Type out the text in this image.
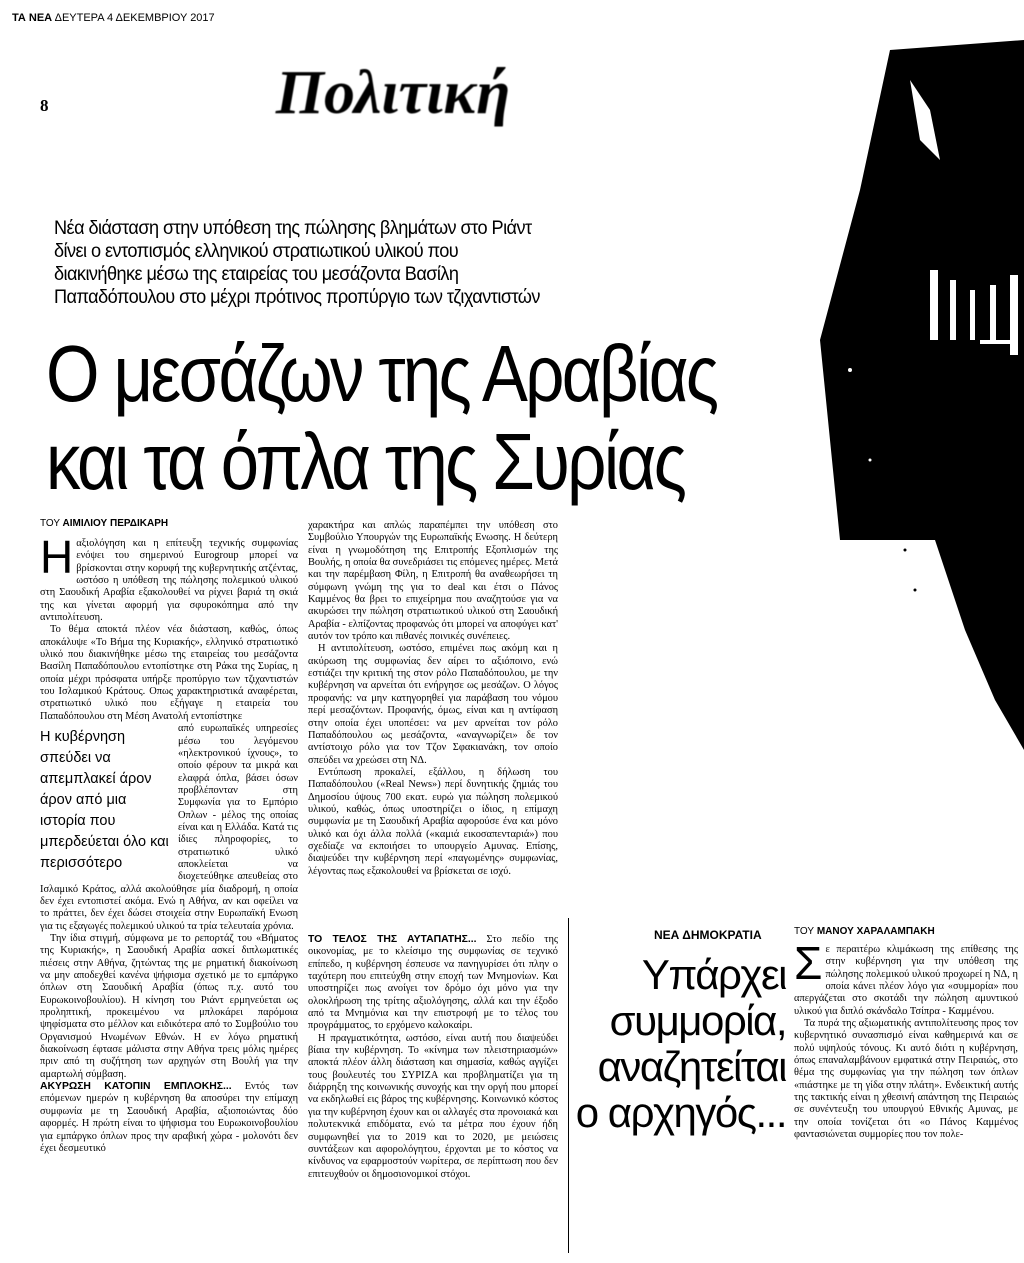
ΤΑ ΝΕΑ ΔΕΥΤΕΡΑ 4 ΔΕΚΕΜΒΡΙΟΥ 2017
8	Πολιτική
Νέα διάσταση στην υπόθεση της πώλησης βλημάτων στο Ριάντ
δίνει ο εντοπισμός ελληνικού στρατιωτικού υλικού που
διακινήθηκε μέσω της εταιρείας του μεσάζοντα Βασίλη
Παπαδόπουλου στο μέχρι πρότινος προπύργιο των τζιχαντιστών
Ο μεσάζων της Αραβίας
και τα όπλα της Συρίας
ΤΟΥ ΑΙΜΙΛΙΟΥ ΠΕΡΔΙΚΑΡΗ

Ηαξιολόγηση και η επίτευξη τεχνικής συμφωνίας ενόψει του σημερινού Eurogroup μπορεί να βρίσκονται στην κορυφή της κυβερνητικής ατζέντας, ωστόσο η υπόθεση της πώλησης πολεμικού υλικού στη Σαουδική Αραβία εξακολουθεί να ρίχνει βαριά τη σκιά της και γίνεται αφορμή για σφυροκόπημα από την αντιπολίτευση.

Το θέμα αποκτά πλέον νέα διάσταση, καθώς, όπως αποκάλυψε «Το Βήμα της Κυριακής», ελληνικό στρατιωτικό υλικό που διακινήθηκε μέσω της εταιρείας του μεσάζοντα Βασίλη Παπαδόπουλου εντοπίστηκε στη Ράκα της Συρίας, η οποία μέχρι πρόσφατα υπήρξε προπύργιο των τζιχαντιστών του Ισλαμικού Κράτους. Οπως χαρακτηριστικά αναφέρεται, στρατιωτικό υλικό που εξήγαγε η εταιρεία του Παπαδόπουλου στη Μέση Ανατολή εντοπίστηκε

Η κυβέρνηση σπεύδει να απεμπλακεί άρον άρον από μια ιστορία που μπερδεύεται όλο και περισσότερο

από ευρωπαϊκές υπηρεσίες μέσω του λεγόμενου «ηλεκτρονικού ίχνους», το οποίο φέρουν τα μικρά και ελαφρά όπλα, βάσει όσων προβλέπονταν στη Συμφωνία για το Εμπόριο Οπλων - μέλος της οποίας είναι και η Ελλάδα. Κατά τις ίδιες πληροφορίες, το στρατιωτικό υλικό αποκλείεται να διοχετεύθηκε απευθείας στο Ισλαμικό Κράτος, αλλά ακολούθησε μία διαδρομή, η οποία δεν έχει εντοπιστεί ακόμα. Ενώ η Αθήνα, αν και οφείλει να το πράττει, δεν έχει δώσει στοιχεία στην Ευρωπαϊκή Ενωση για τις εξαγωγές πολεμικού υλικού τα τρία τελευταία χρόνια.

Την ίδια στιγμή, σύμφωνα με το ρεπορτάζ του «Βήματος της Κυριακής», η Σαουδική Αραβία ασκεί διπλωματικές πιέσεις στην Αθήνα, ζητώντας της με ρηματική διακοίνωση να μην αποδεχθεί κανένα ψήφισμα σχετικό με το εμπάργκο όπλων στη Σαουδική Αραβία (όπως π.χ. αυτό του Ευρωκοινοβουλίου). Η κίνηση του Ριάντ ερμηνεύεται ως προληπτική, προκειμένου να μπλοκάρει παρόμοια ψηφίσματα στο μέλλον και ειδικότερα από το Συμβούλιο του Οργανισμού Ηνωμένων Εθνών. Η εν λόγω ρηματική διακοίνωση έφτασε μάλιστα στην Αθήνα τρεις μόλις ημέρες πριν από τη συζήτηση των αρχηγών στη Βουλή για την αμαρτωλή σύμβαση.

ΑΚΥΡΩΣΗ ΚΑΤΟΠΙΝ ΕΜΠΛΟΚΗΣ... Εντός των επόμενων ημερών η κυβέρνηση θα αποσύρει την επίμαχη συμφωνία με τη Σαουδική Αραβία, αξιοποιώντας δύο αφορμές. Η πρώτη είναι το ψήφισμα του Ευρωκοινοβουλίου για εμπάργκο όπλων προς την αραβική χώρα - μολονότι δεν έχει δεσμευτικό

χαρακτήρα και απλώς παραπέμπει την υπόθεση στο Συμβούλιο Υπουργών της Ευρωπαϊκής Ενωσης. Η δεύτερη είναι η γνωμοδότηση της Επιτροπής Εξοπλισμών της Βουλής, η οποία θα συνεδριάσει τις επόμενες ημέρες. Μετά και την παρέμβαση Φίλη, η Επιτροπή θα αναθεωρήσει τη σύμφωνη γνώμη της για το deal και έτσι ο Πάνος Καμμένος θα βρει το επιχείρημα που αναζητούσε για να ακυρώσει την πώληση στρατιωτικού υλικού στη Σαουδική Αραβία - ελπίζοντας προφανώς ότι μπορεί να αποφύγει κατ' αυτόν τον τρόπο και πιθανές ποινικές συνέπειες.

Η αντιπολίτευση, ωστόσο, επιμένει πως ακόμη και η ακύρωση της συμφωνίας δεν αίρει το αξιόποινο, ενώ εστιάζει την κριτική της στον ρόλο Παπαδόπουλου, με την κυβέρνηση να αρνείται ότι ενήργησε ως μεσάζων. Ο λόγος προφανής: να μην κατηγορηθεί για παράβαση του νόμου περί μεσαζόντων. Προφανής, όμως, είναι και η αντίφαση στην οποία έχει υποπέσει: να μεν αρνείται τον ρόλο Παπαδόπουλου ως μεσάζοντα, «αναγνωρίζει» δε τον αντίστοιχο ρόλο για τον Τζον Σφακιανάκη, τον οποίο σπεύδει να χρεώσει στη ΝΔ.

Εντύπωση προκαλεί, εξάλλου, η δήλωση του Παπαδόπουλου («Real News») περί δυνητικής ζημιάς του Δημοσίου ύψους 700 εκατ. ευρώ για πώληση πολεμικού υλικού, καθώς, όπως υποστηρίζει ο ίδιος, η επίμαχη συμφωνία με τη Σαουδική Αραβία αφορούσε ένα και μόνο υλικό και όχι άλλα πολλά («καμιά εικοσαπενταριά») που σχεδίαζε να εκποιήσει το υπουργείο Αμυνας. Επίσης, διαψεύδει την κυβέρνηση περί «παγωμένης» συμφωνίας, λέγοντας πως εξακολουθεί να βρίσκεται σε ισχύ.

ΤΟ ΤΕΛΟΣ ΤΗΣ ΑΥΤΑΠΑΤΗΣ... Στο πεδίο της οικονομίας, με το κλείσιμο της συμφωνίας σε τεχνικό επίπεδο, η κυβέρνηση έσπευσε να πανηγυρίσει ότι πλην ο ταχύτερη που επιτεύχθη στην εποχή των Μνημονίων. Και υποστηρίζει πως ανοίγει τον δρόμο όχι μόνο για την ολοκλήρωση της τρίτης αξιολόγησης, αλλά και την έξοδο από τα Μνημόνια και την επιστροφή με το τέλος του προγράμματος, το ερχόμενο καλοκαίρι.

Η πραγματικότητα, ωστόσο, είναι αυτή που διαψεύδει βίαια την κυβέρνηση. Το «κίνημα των πλειστηριασμών» αποκτά πλέον άλλη διάσταση και σημασία, καθώς αγγίζει τους βουλευτές του ΣΥΡΙΖΑ και προβληματίζει για τη διάρρηξη της κοινωνικής συνοχής και την οργή που μπορεί να εκδηλωθεί εις βάρος της κυβέρνησης. Κοινωνικό κόστος για την κυβέρνηση έχουν και οι αλλαγές στα προνοιακά και πολυτεκνικά επιδόματα, ενώ τα μέτρα που έχουν ήδη συμφωνηθεί για το 2019 και το 2020, με μειώσεις συντάξεων και αφορολόγητου, έρχονται με το κόστος να κίνδυνος να εφαρμοστούν νωρίτερα, σε περίπτωση που δεν επιτευχθούν οι δημοσιονομικοί στόχοι.

ΝΕΑ ΔΗΜΟΚΡΑΤΙΑ
Υπάρχει
συμμορία,
αναζητείται
ο αρχηγός...
ΤΟΥ ΜΑΝΟΥ ΧΑΡΑΛΑΜΠΑΚΗ

Σε περαιτέρω κλιμάκωση της επίθεσης της στην κυβέρνηση για την υπόθεση της πώλησης πολεμικού υλικού προχωρεί η ΝΔ, η οποία κάνει πλέον λόγο για «συμμορία» που απεργάζεται στο σκοτάδι την πώληση αμυντικού υλικού για διπλό σκάνδαλο Τσίπρα - Καμμένου.

Τα πυρά της αξιωματικής αντιπολίτευσης προς τον κυβερνητικό συνασπισμό είναι καθημερινά και σε πολύ υψηλούς τόνους. Κι αυτό διότι η κυβέρνηση, όπως επαναλαμβάνουν εμφατικά στην Πειραιώς, στο θέμα της συμφωνίας για την πώληση των όπλων «πιάστηκε με τη γίδα στην πλάτη». Ενδεικτική αυτής της τακτικής είναι η χθεσινή απάντηση της Πειραιώς σε συνέντευξη του υπουργού Εθνικής Αμυνας, με την οποία τονίζεται ότι «ο Πάνος Καμμένος φαντασιώνεται συμμορίες που τον πολε-
